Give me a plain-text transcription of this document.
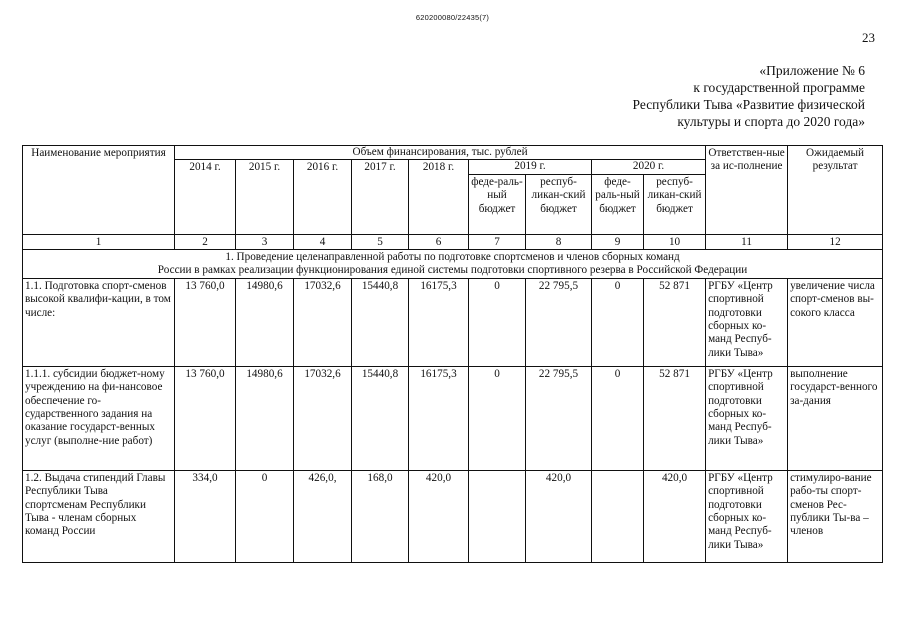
620200080/22435(7)
23
«Приложение № 6
к государственной программе
Республики Тыва «Развитие физической
культуры и спорта до 2020 года»
Наименование мероприятия	Объем финансирования, тыс. рублей									Ответствен-ные за ис-полнение	Ожидаемый результат
	2014 г.	2015 г.	2016 г.	2017 г.	2018 г.	2019 г.		2020 г.			
						феде-раль-ный бюджет	респуб-ликан-ский бюджет	феде-раль-ный бюджет	респуб-ликан-ский бюджет		
1	2	3	4	5	6	7	8	9	10	11	12

1. Проведение целенаправленной работы по подготовке спортсменов и членов сборных команд
России в рамках реализации функционирования единой системы подготовки спортивного резерва в Российской Федерации											

1.1. Подготовка спорт-сменов высокой квалифи-кации, в том числе:	13 760,0	14980,6	17032,6	15440,8	16175,3	0	22 795,5	0	52 871	РГБУ «Центр спортивной подготовки сборных ко-манд Респуб-лики Тыва»	увеличение числа спорт-сменов вы-сокого класса
1.1.1. субсидии бюджет-ному учреждению на фи-нансовое обеспечение го-сударственного задания на оказание государст-венных услуг (выполне-ние работ)	13 760,0	14980,6	17032,6	15440,8	16175,3	0	22 795,5	0	52 871	РГБУ «Центр спортивной подготовки сборных ко-манд Респуб-лики Тыва»	выполнение государст-венного за-дания
1.2. Выдача стипендий Главы Республики Тыва спортсменам Республики Тыва - членам сборных команд России	334,0	0	426,0,	168,0	420,0		420,0		420,0	РГБУ «Центр спортивной подготовки сборных ко-манд Респуб-лики Тыва»	стимулиро-вание рабо-ты спорт-сменов Рес-публики Ты-ва – членов
